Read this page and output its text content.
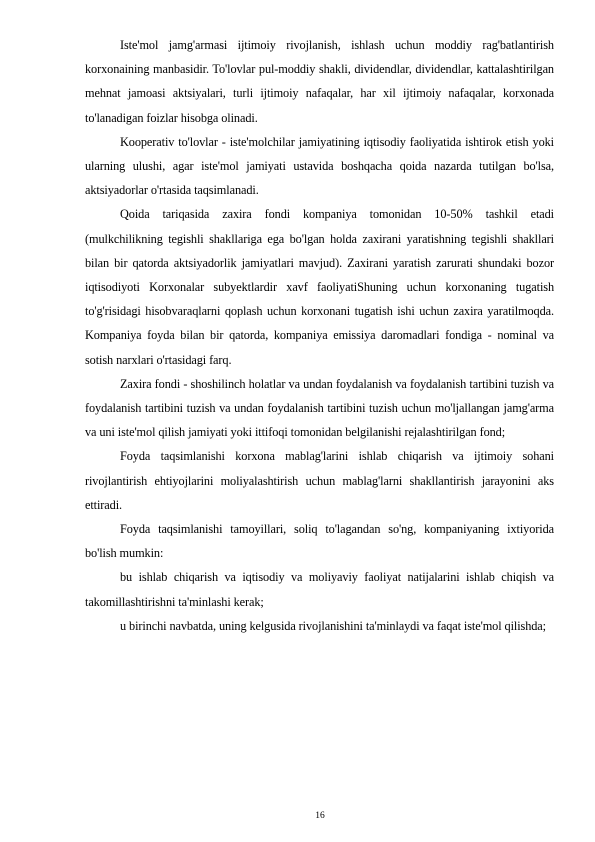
Iste'mol jamg'armasi ijtimoiy rivojlanish, ishlash uchun moddiy rag'batlantirish korxonaining manbasidir. To'lovlar pul-moddiy shakli, dividendlar, dividendlar, kattalashtirilgan mehnat jamoasi aktsiyalari, turli ijtimoiy nafaqalar, har xil ijtimoiy nafaqalar, korxonada to'lanadigan foizlar hisobga olinadi.

Kooperativ to'lovlar - iste'molchilar jamiyatining iqtisodiy faoliyatida ishtirok etish yoki ularning ulushi, agar iste'mol jamiyati ustavida boshqacha qoida nazarda tutilgan bo'lsa, aktsiyadorlar o'rtasida taqsimlanadi.

Qoida tariqasida zaxira fondi kompaniya tomonidan 10-50% tashkil etadi (mulkchilikning tegishli shakllariga ega bo'lgan holda zaxirani yaratishning tegishli shakllari bilan bir qatorda aktsiyadorlik jamiyatlari mavjud). Zaxirani yaratish zarurati shundaki bozor iqtisodiyoti Korxonalar subyektlardir xavf faoliyatiShuning uchun korxonaning tugatish to'g'risidagi hisobvaraqlarni qoplash uchun korxonani tugatish ishi uchun zaxira yaratilmoqda. Kompaniya foyda bilan bir qatorda, kompaniya emissiya daromadlari fondiga - nominal va sotish narxlari o'rtasidagi farq.

Zaxira fondi - shoshilinch holatlar va undan foydalanish va foydalanish tartibini tuzish va foydalanish tartibini tuzish va undan foydalanish tartibini tuzish uchun mo'ljallangan jamg'arma va uni iste'mol qilish jamiyati yoki ittifoqi tomonidan belgilanishi rejalashtirilgan fond;

Foyda taqsimlanishi korxona mablag'larini ishlab chiqarish va ijtimoiy sohani rivojlantirish ehtiyojlarini moliyalashtirish uchun mablag'larni shakllantirish jarayonini aks ettiradi.

Foyda taqsimlanishi tamoyillari, soliq to'lagandan so'ng, kompaniyaning ixtiyorida bo'lish mumkin:

bu ishlab chiqarish va iqtisodiy va moliyaviy faoliyat natijalarini ishlab chiqish va takomillashtirishni ta'minlashi kerak;

u birinchi navbatda, uning kelgusida rivojlanishini ta'minlaydi va faqat iste'mol qilishda;

16
